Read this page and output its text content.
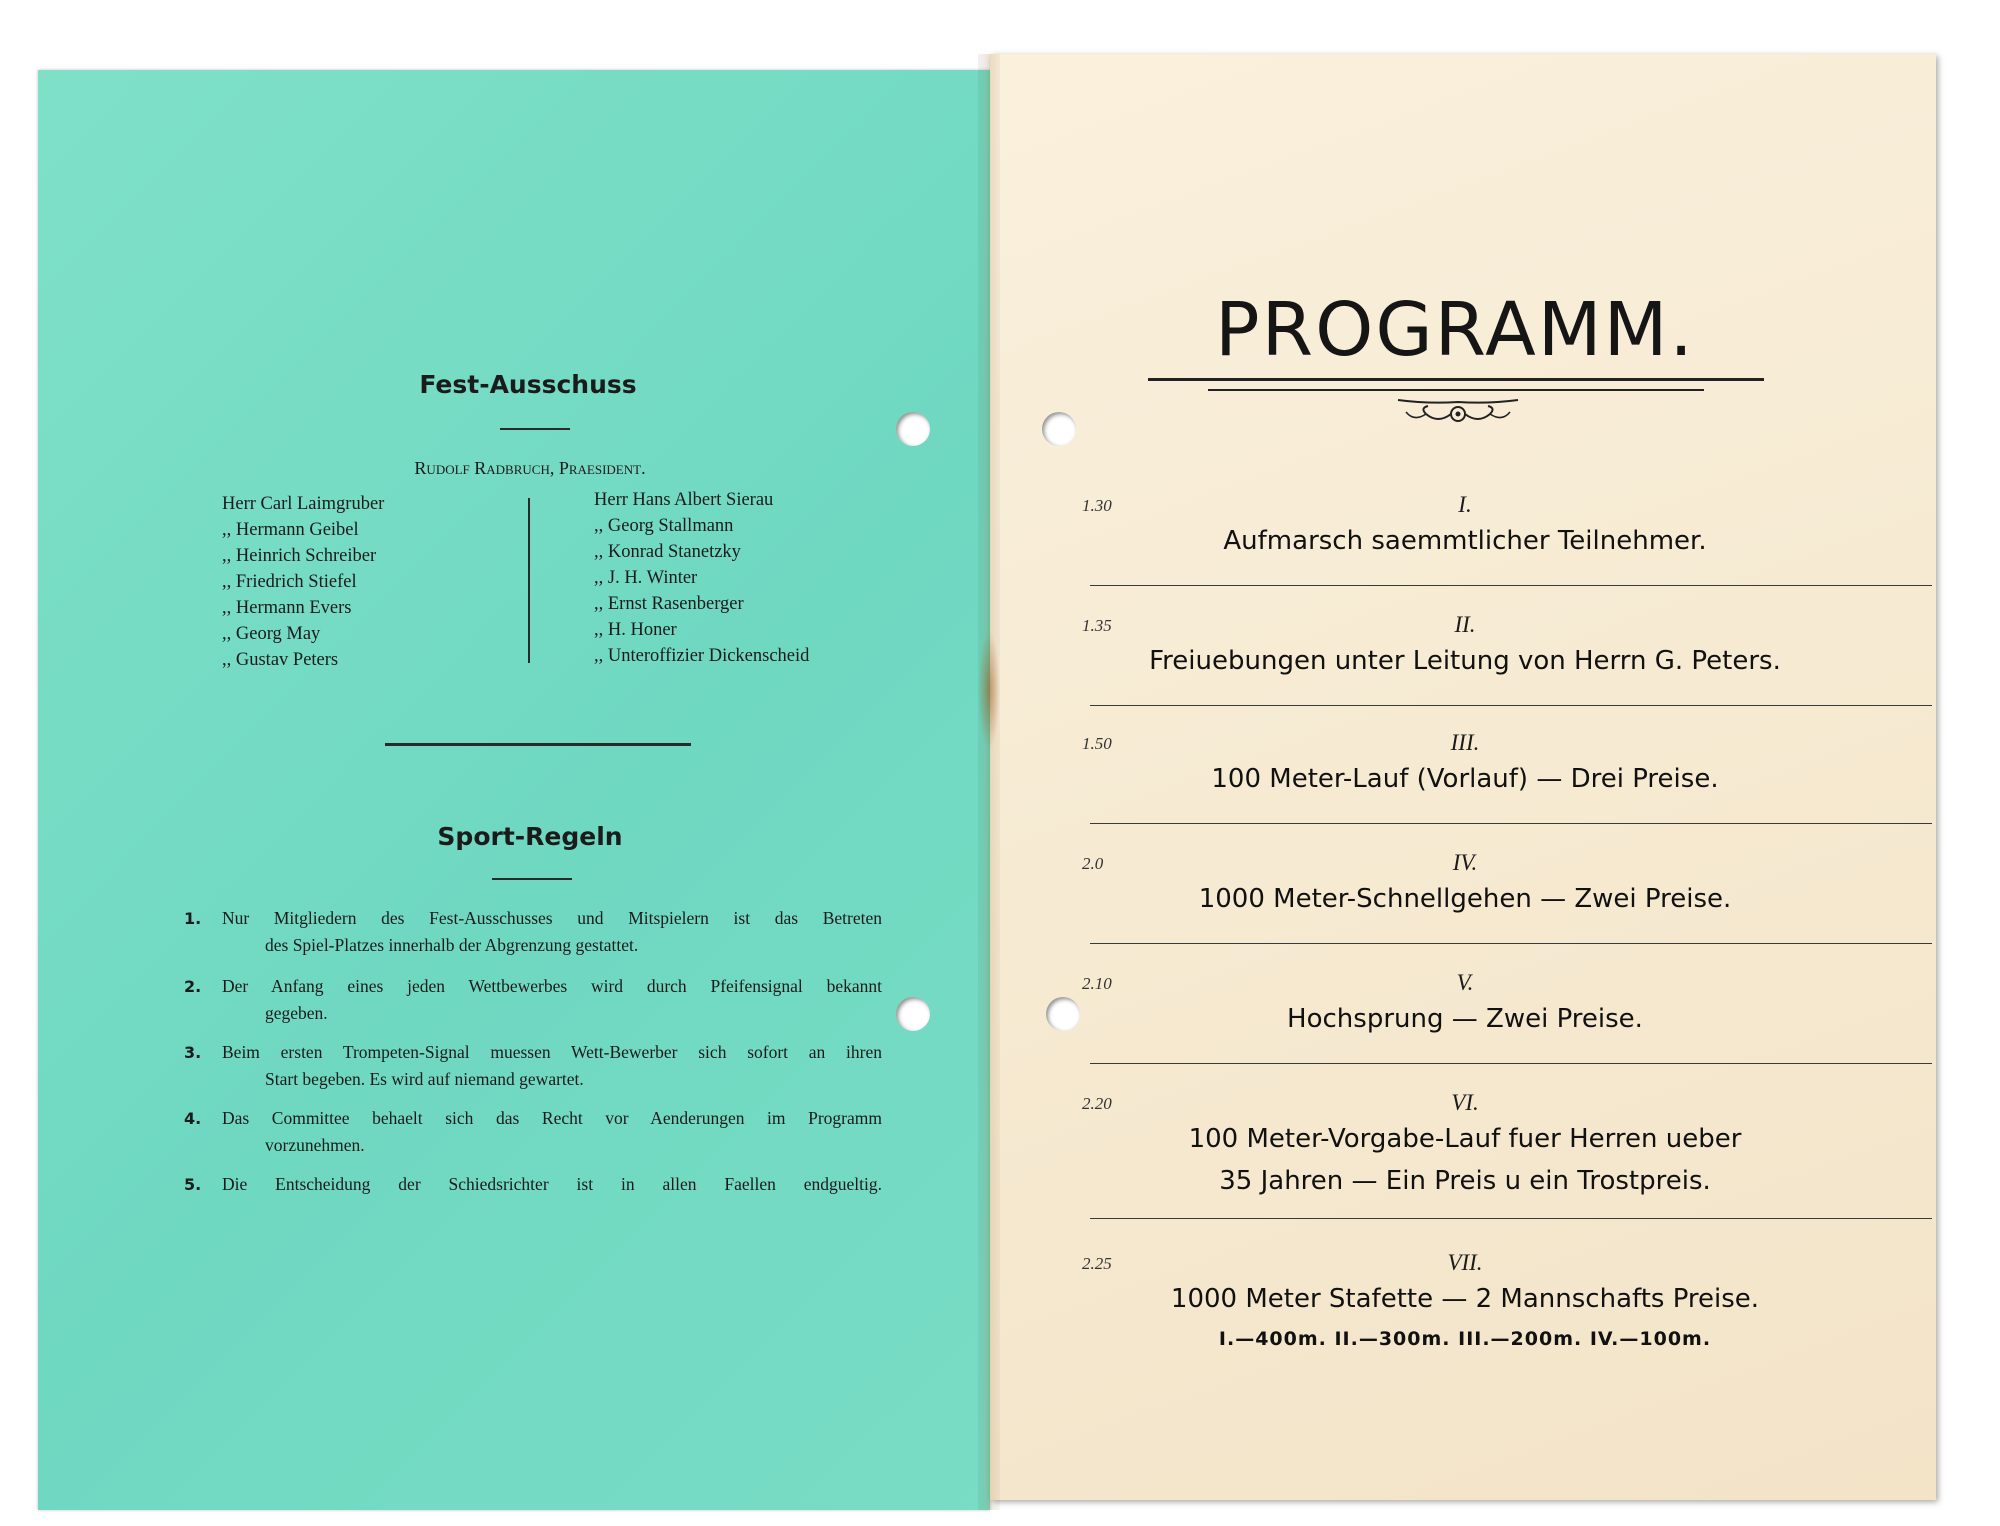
Fest-Ausschuss
Rudolf Radbruch, Praesident.
Herr Carl Laimgruber
,, Hermann Geibel
,, Heinrich Schreiber
,, Friedrich Stiefel
,, Hermann Evers
,, Georg May
,, Gustav Peters
Herr Hans Albert Sierau
,, Georg Stallmann
,, Konrad Stanetzky
,, J. H. Winter
,, Ernst Rasenberger
,, H. Honer
,, Unteroffizier Dickenscheid
Sport-Regeln
1. Nur Mitgliedern des Fest-Ausschusses und Mitspielern ist das Betreten
des Spiel-Platzes innerhalb der Abgrenzung gestattet.
2. Der Anfang eines jeden Wettbewerbes wird durch Pfeifensignal bekannt
gegeben.
3. Beim ersten Trompeten-Signal muessen Wett-Bewerber sich sofort an ihren
Start begeben. Es wird auf niemand gewartet.
4. Das Committee behaelt sich das Recht vor Aenderungen im Programm
vorzunehmen.
5. Die Entscheidung der Schiedsrichter ist in allen Faellen endgueltig.
PROGRAMM.
1.30	I.
Aufmarsch saemmtlicher Teilnehmer.
1.35	II.
Freiuebungen unter Leitung von Herrn G. Peters.
1.50	III.
100 Meter-Lauf (Vorlauf) — Drei Preise.
2.0	IV.
1000 Meter-Schnellgehen — Zwei Preise.
2.10	V.
Hochsprung — Zwei Preise.
2.20	VI.
100 Meter-Vorgabe-Lauf fuer Herren ueber
35 Jahren — Ein Preis u ein Trostpreis.
2.25	VII.
1000 Meter Stafette — 2 Mannschafts Preise.
I.—400m. II.—300m. III.—200m. IV.—100m.
